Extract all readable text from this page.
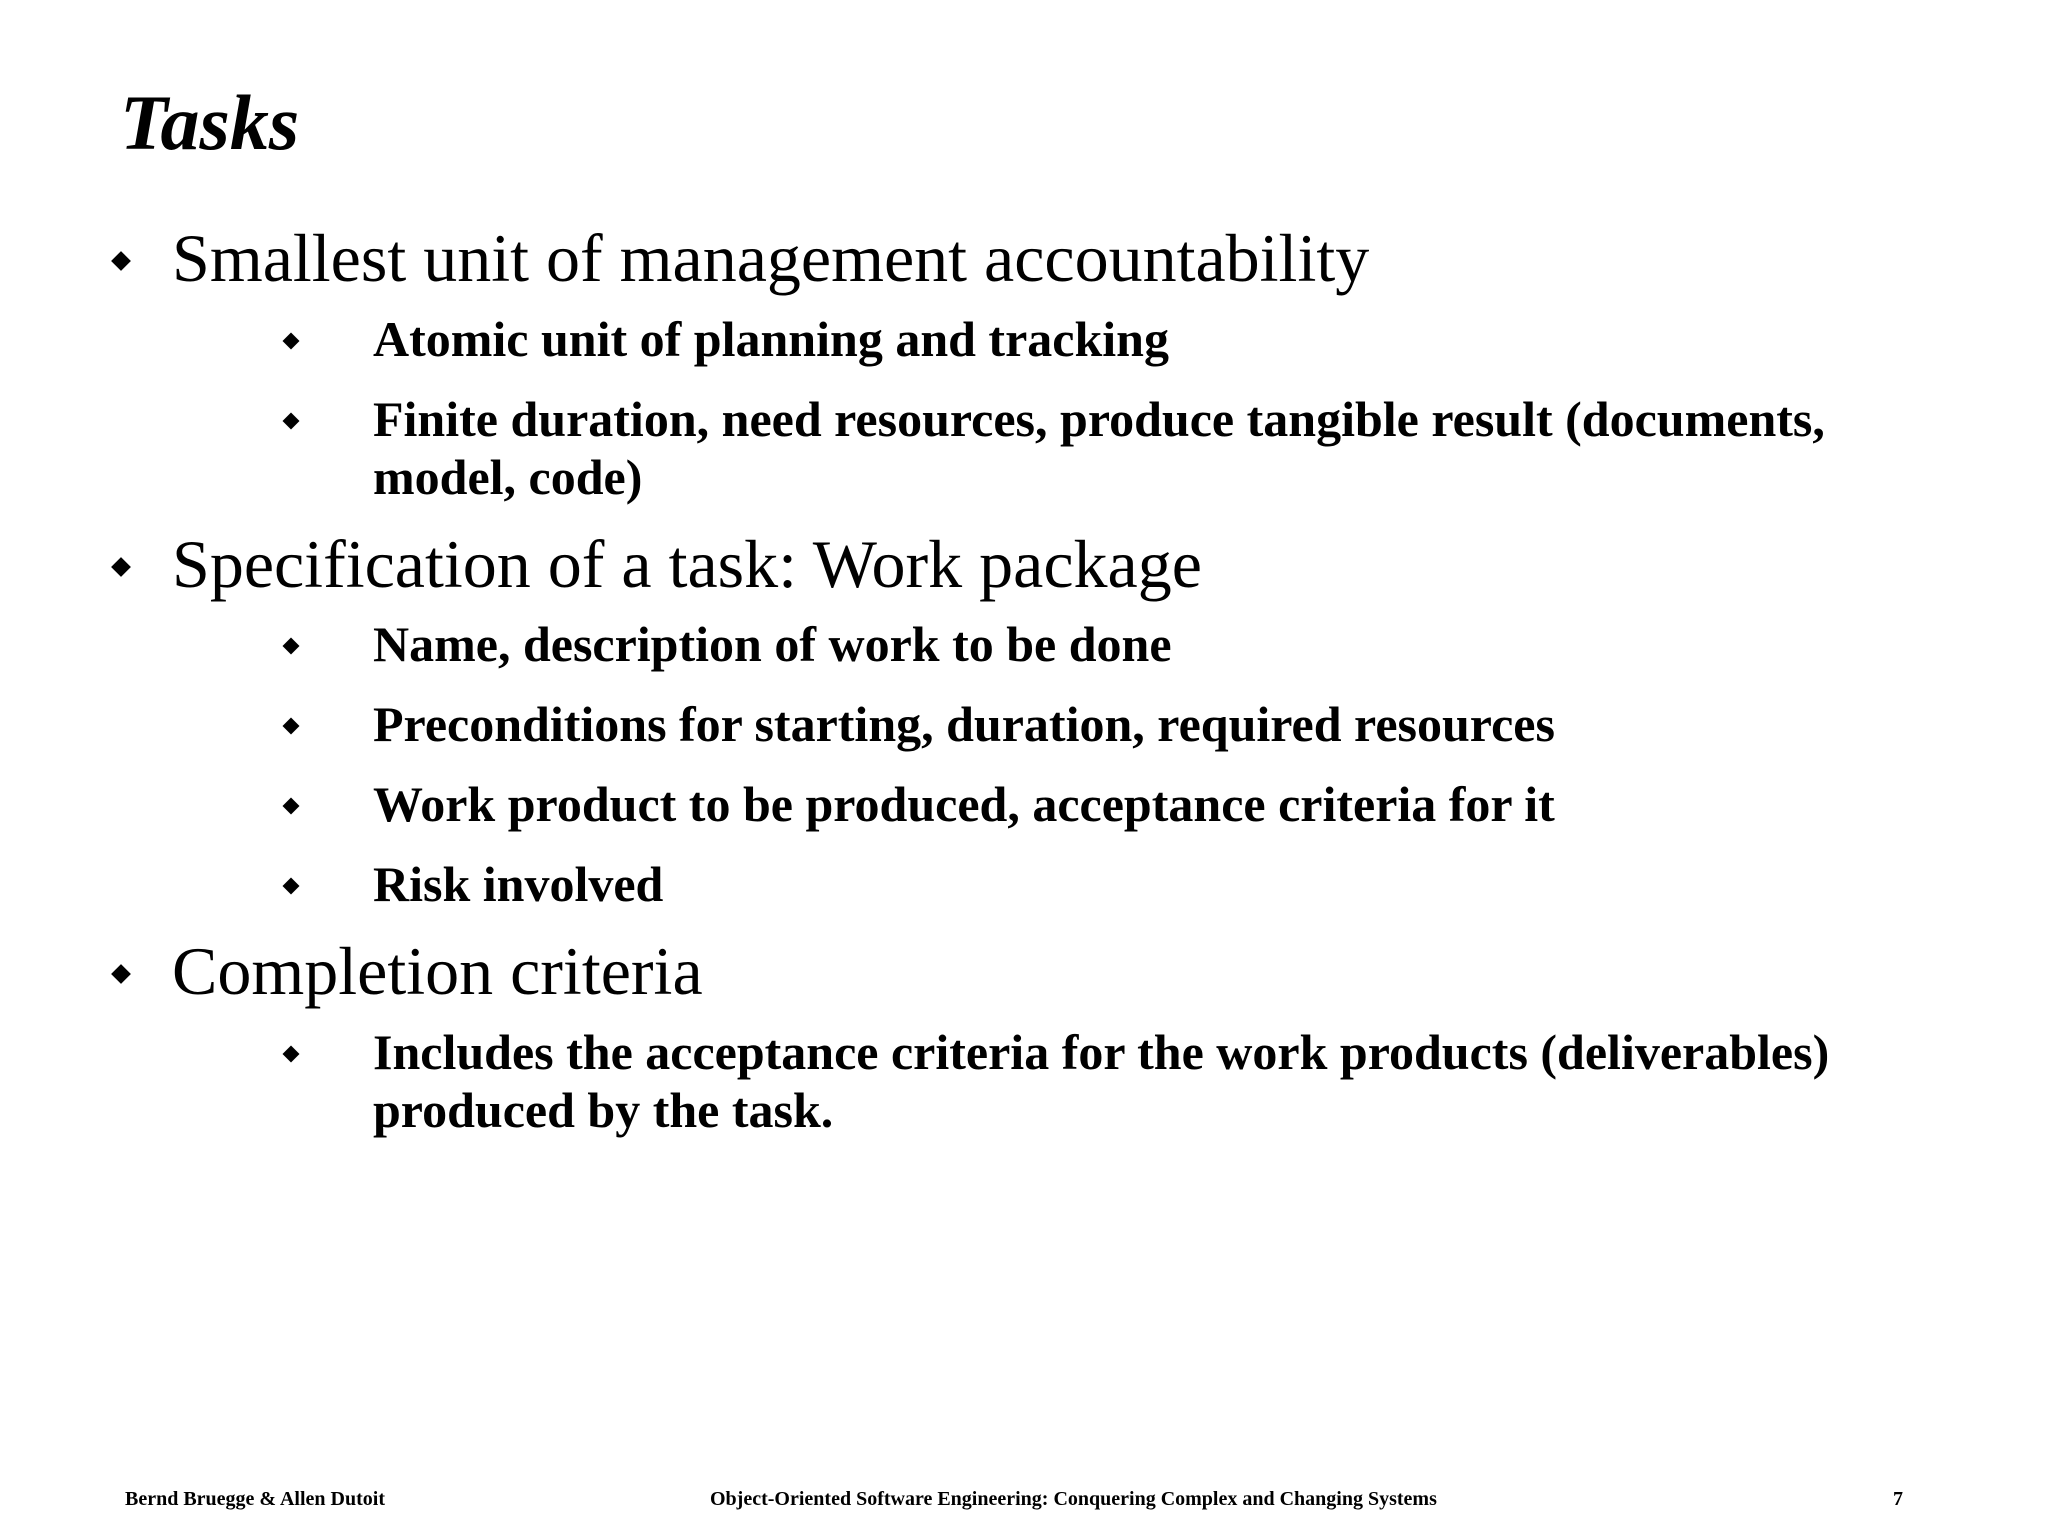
Tasks
Smallest unit of management accountability
Atomic unit of planning and tracking
Finite duration, need resources, produce tangible result (documents, model, code)
Specification of a task: Work package
Name, description of work to be done
Preconditions for starting, duration, required resources
Work product to be produced, acceptance criteria for it
Risk involved
Completion criteria
Includes the acceptance criteria for the work products (deliverables) produced by the task.
Bernd Bruegge & Allen Dutoit	Object-Oriented Software Engineering: Conquering Complex and Changing Systems	7
